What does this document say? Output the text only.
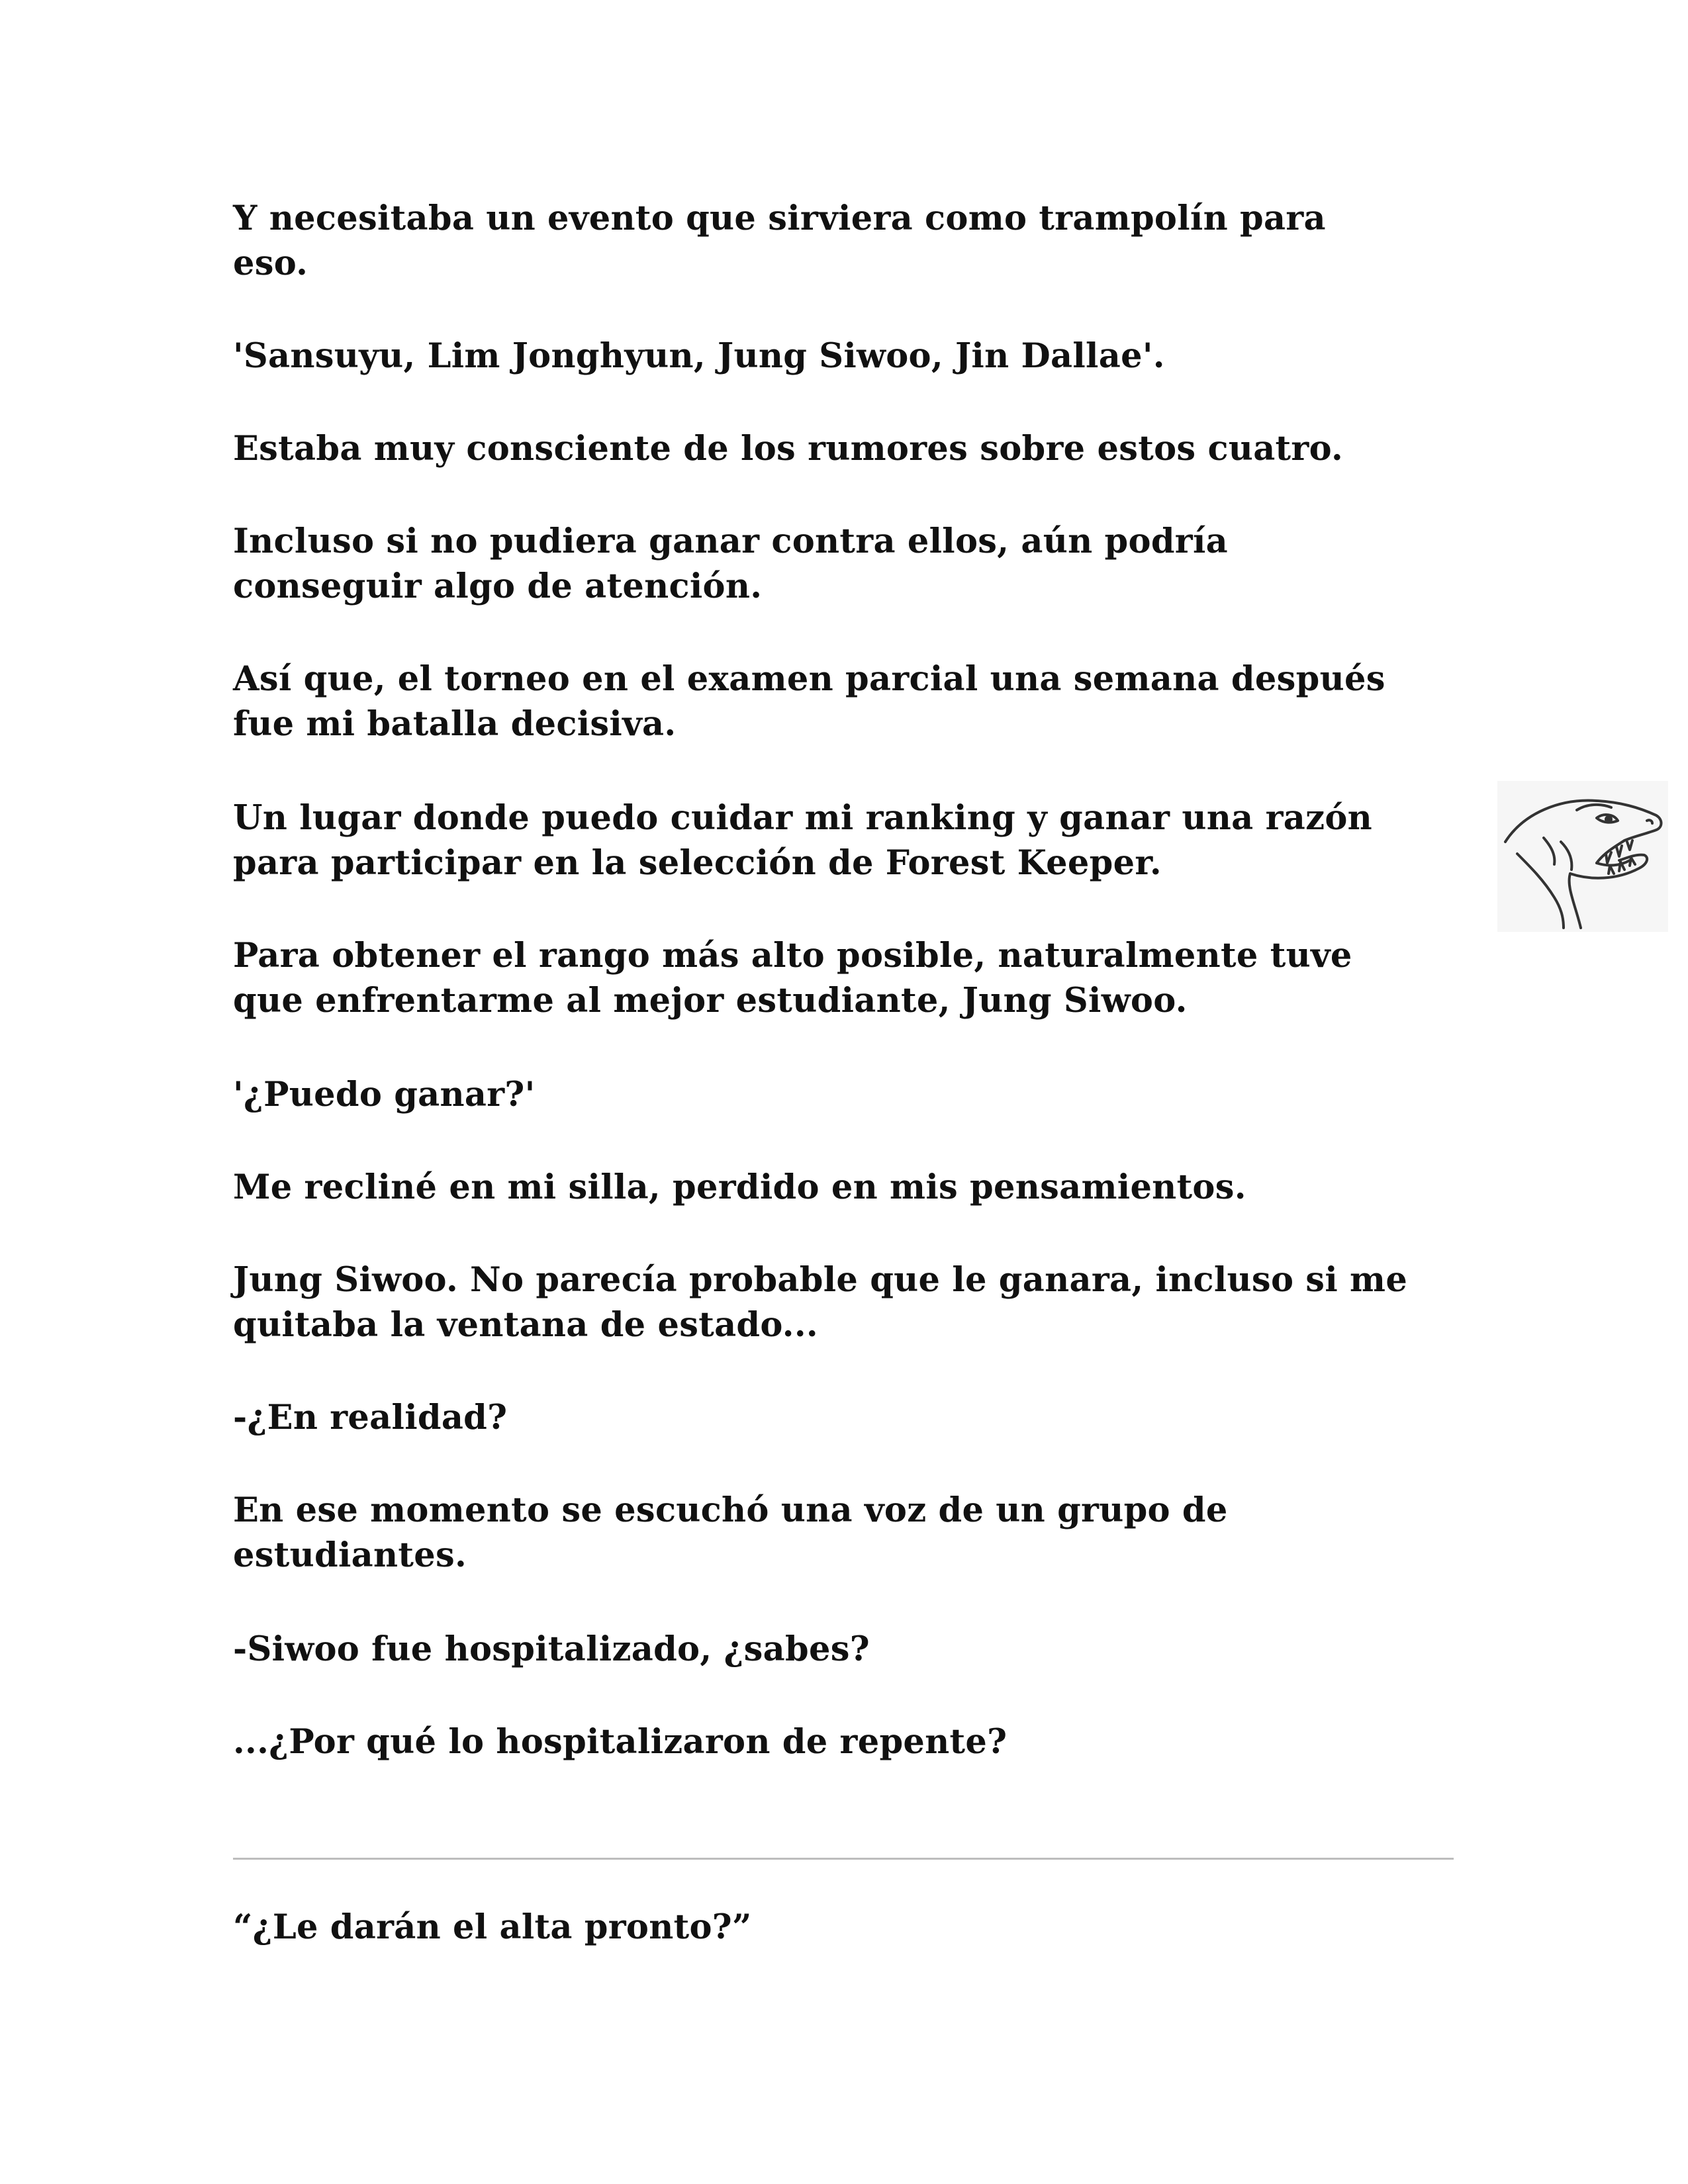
Y necesitaba un evento que sirviera como trampolín para
eso.

'Sansuyu, Lim Jonghyun, Jung Siwoo, Jin Dallae'.

Estaba muy consciente de los rumores sobre estos cuatro.

Incluso si no pudiera ganar contra ellos, aún podría
conseguir algo de atención.

Así que, el torneo en el examen parcial una semana después
fue mi batalla decisiva.

Un lugar donde puedo cuidar mi ranking y ganar una razón
para participar en la selección de Forest Keeper.

Para obtener el rango más alto posible, naturalmente tuve
que enfrentarme al mejor estudiante, Jung Siwoo.

'¿Puedo ganar?'

Me recliné en mi silla, perdido en mis pensamientos.

Jung Siwoo. No parecía probable que le ganara, incluso si me
quitaba la ventana de estado...

-¿En realidad?

En ese momento se escuchó una voz de un grupo de
estudiantes.

-Siwoo fue hospitalizado, ¿sabes?

...¿Por qué lo hospitalizaron de repente?

“¿Le darán el alta pronto?”
